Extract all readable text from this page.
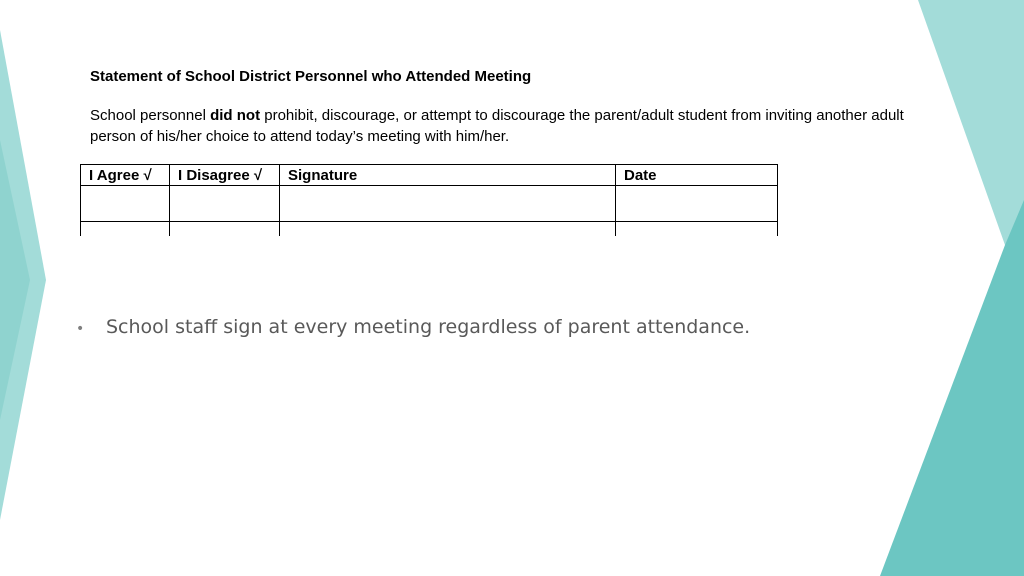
Statement of School District Personnel who Attended Meeting

School personnel did not prohibit, discourage, or attempt to discourage the parent/adult student from inviting another adult person of his/her choice to attend today’s meeting with him/her.

I Agree √	I Disagree √	Signature	Date

•	School staff sign at every meeting regardless of parent attendance.
